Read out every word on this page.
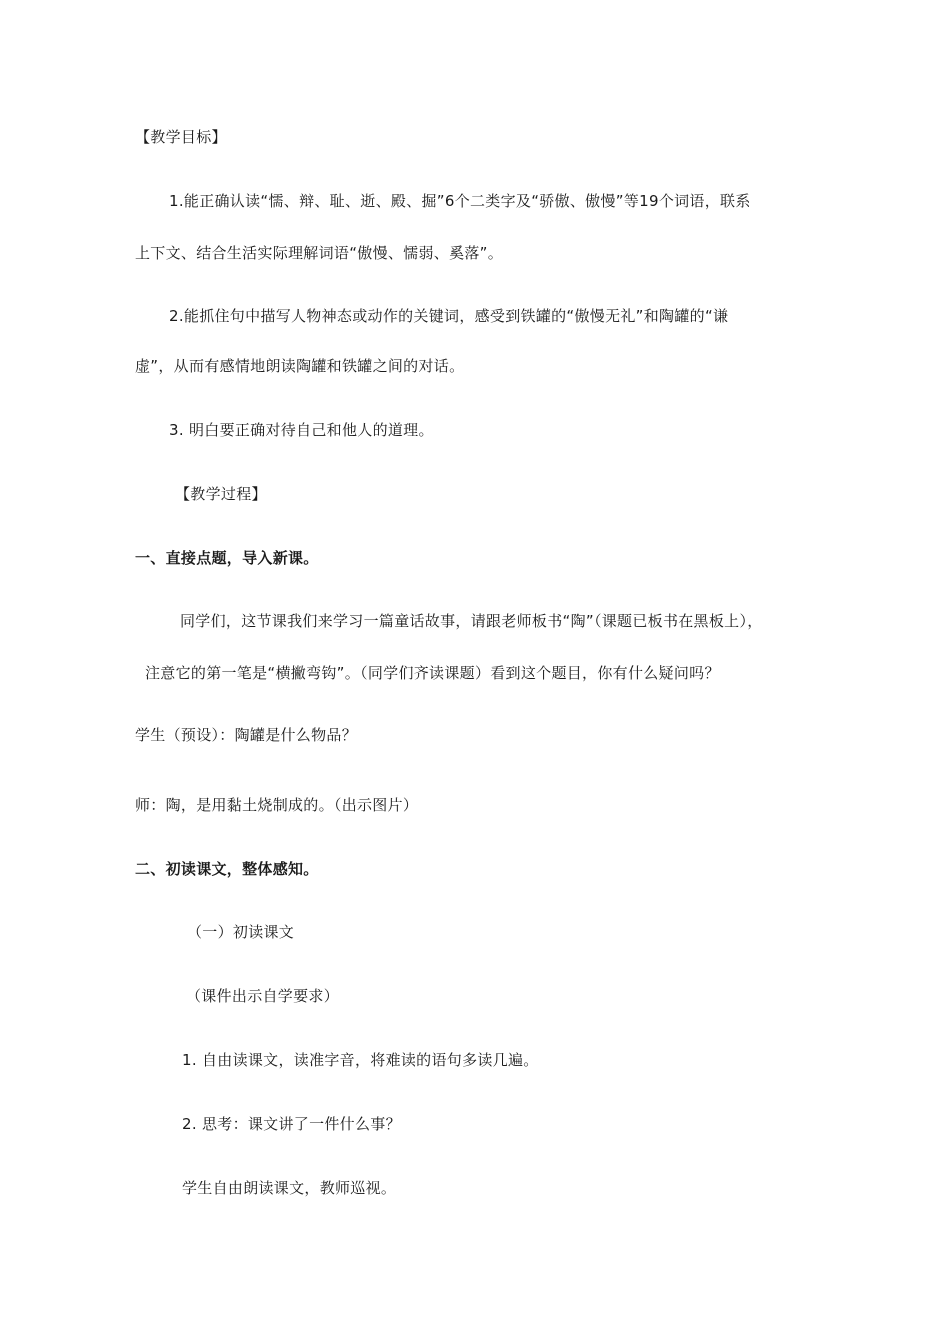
【教学目标】
1.能正确认读“懦、辩、耻、逝、殿、掘”6个二类字及“骄傲、傲慢”等19个词语，联系
上下文、结合生活实际理解词语“傲慢、懦弱、奚落”。
2.能抓住句中描写人物神态或动作的关键词，感受到铁罐的“傲慢无礼”和陶罐的“谦
虚”，从而有感情地朗读陶罐和铁罐之间的对话。
3. 明白要正确对待自己和他人的道理。
【教学过程】
一、直接点题，导入新课。
同学们，这节课我们来学习一篇童话故事，请跟老师板书“陶”（课题已板书在黑板上），
注意它的第一笔是“横撇弯钩”。（同学们齐读课题）看到这个题目，你有什么疑问吗？
学生（预设）：陶罐是什么物品？
师：陶，是用黏土烧制成的。（出示图片）
二、初读课文，整体感知。
（一）初读课文
（课件出示自学要求）
1. 自由读课文，读准字音，将难读的语句多读几遍。
2. 思考：课文讲了一件什么事？
学生自由朗读课文，教师巡视。
